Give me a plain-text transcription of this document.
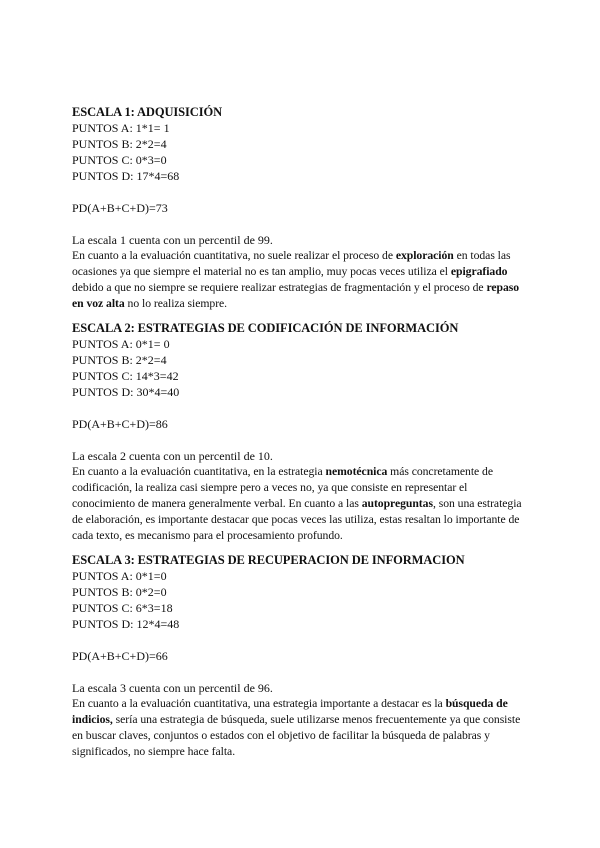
ESCALA 1: ADQUISICIÓN

PUNTOS A: 1*1= 1

PUNTOS B: 2*2=4

PUNTOS C: 0*3=0

PUNTOS D: 17*4=68

PD(A+B+C+D)=73

La escala 1 cuenta con un percentil de 99.

En cuanto a la evaluación cuantitativa, no suele realizar el proceso de exploración en todas las ocasiones ya que siempre el material no es tan amplio, muy pocas veces utiliza el epigrafiado debido a que no siempre se requiere realizar estrategias de fragmentación y el proceso de repaso en voz alta no lo realiza siempre.

ESCALA 2: ESTRATEGIAS DE CODIFICACIÓN DE INFORMACIÓN

PUNTOS A: 0*1= 0

PUNTOS B: 2*2=4

PUNTOS C: 14*3=42

PUNTOS D: 30*4=40

PD(A+B+C+D)=86

La escala 2 cuenta con un percentil de 10.

En cuanto a la evaluación cuantitativa, en la estrategia nemotécnica más concretamente de codificación, la realiza casi siempre pero a veces no, ya que consiste en representar el conocimiento de manera generalmente verbal. En cuanto a las autopreguntas, son una estrategia de elaboración, es importante destacar que pocas veces las utiliza, estas resaltan lo importante de cada texto, es mecanismo para el procesamiento profundo.

ESCALA 3: ESTRATEGIAS DE RECUPERACION DE INFORMACION

PUNTOS A: 0*1=0

PUNTOS B: 0*2=0

PUNTOS C: 6*3=18

PUNTOS D: 12*4=48

PD(A+B+C+D)=66

La escala 3 cuenta con un percentil de 96.

En cuanto a la evaluación cuantitativa, una estrategia importante a destacar es la búsqueda de indicios, sería una estrategia de búsqueda, suele utilizarse menos frecuentemente ya que consiste en buscar claves, conjuntos o estados con el objetivo de facilitar la búsqueda de palabras y significados, no siempre hace falta.
